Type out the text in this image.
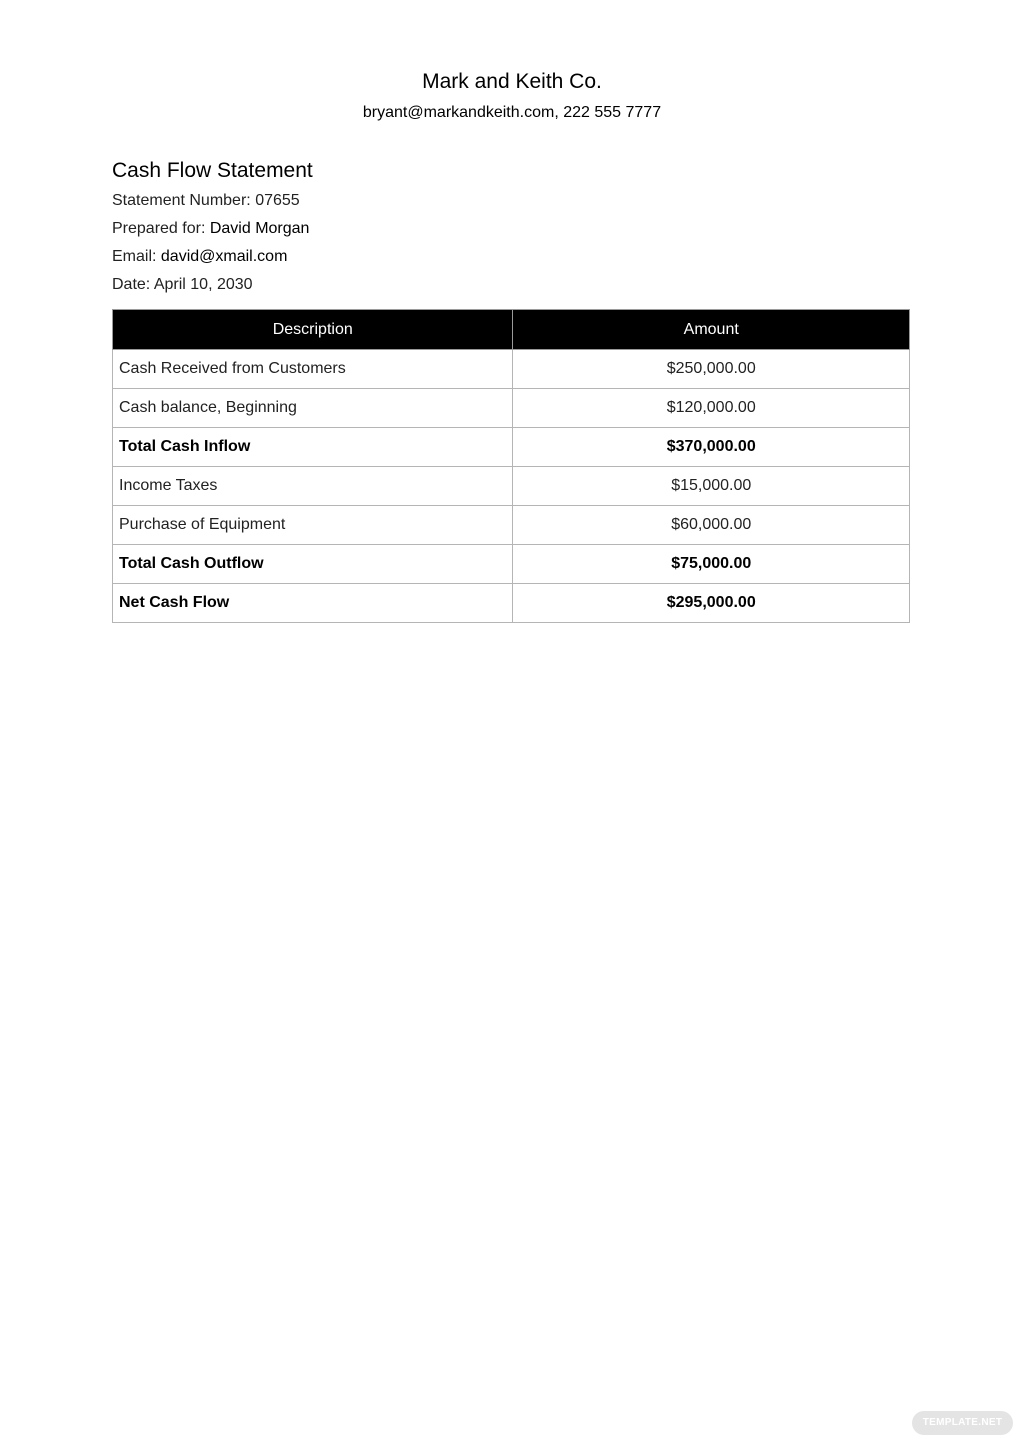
Mark and Keith Co.
bryant@markandkeith.com, 222 555 7777
Cash Flow Statement
Statement Number: 07655
Prepared for: David Morgan
Email: david@xmail.com
Date: April 10, 2030
Description	Amount
Cash Received from Customers	$250,000.00
Cash balance, Beginning	$120,000.00
Total Cash Inflow	$370,000.00
Income Taxes	$15,000.00
Purchase of Equipment	$60,000.00
Total Cash Outflow	$75,000.00
Net Cash Flow	$295,000.00
TEMPLATE.NET
